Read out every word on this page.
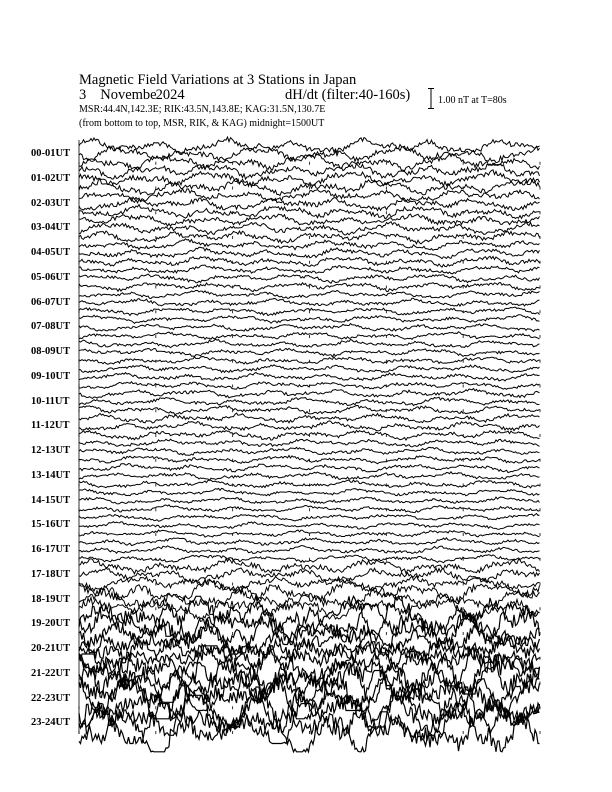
Magnetic Field Variations at 3 Stations in Japan
3 Novembe2024	dH/dt (filter:40-160s)
MSR:44.4N,142.3E; RIK:43.5N,143.8E; KAG:31.5N,130.7E
(from bottom to top, MSR, RIK, & KAG) midnight=1500UT
1.00 nT at T=80s
00-01UT
01-02UT
02-03UT
03-04UT
04-05UT
05-06UT
06-07UT
07-08UT
08-09UT
09-10UT
10-11UT
11-12UT
12-13UT
13-14UT
14-15UT
15-16UT
16-17UT
17-18UT
18-19UT
19-20UT
20-21UT
21-22UT
22-23UT
23-24UT
